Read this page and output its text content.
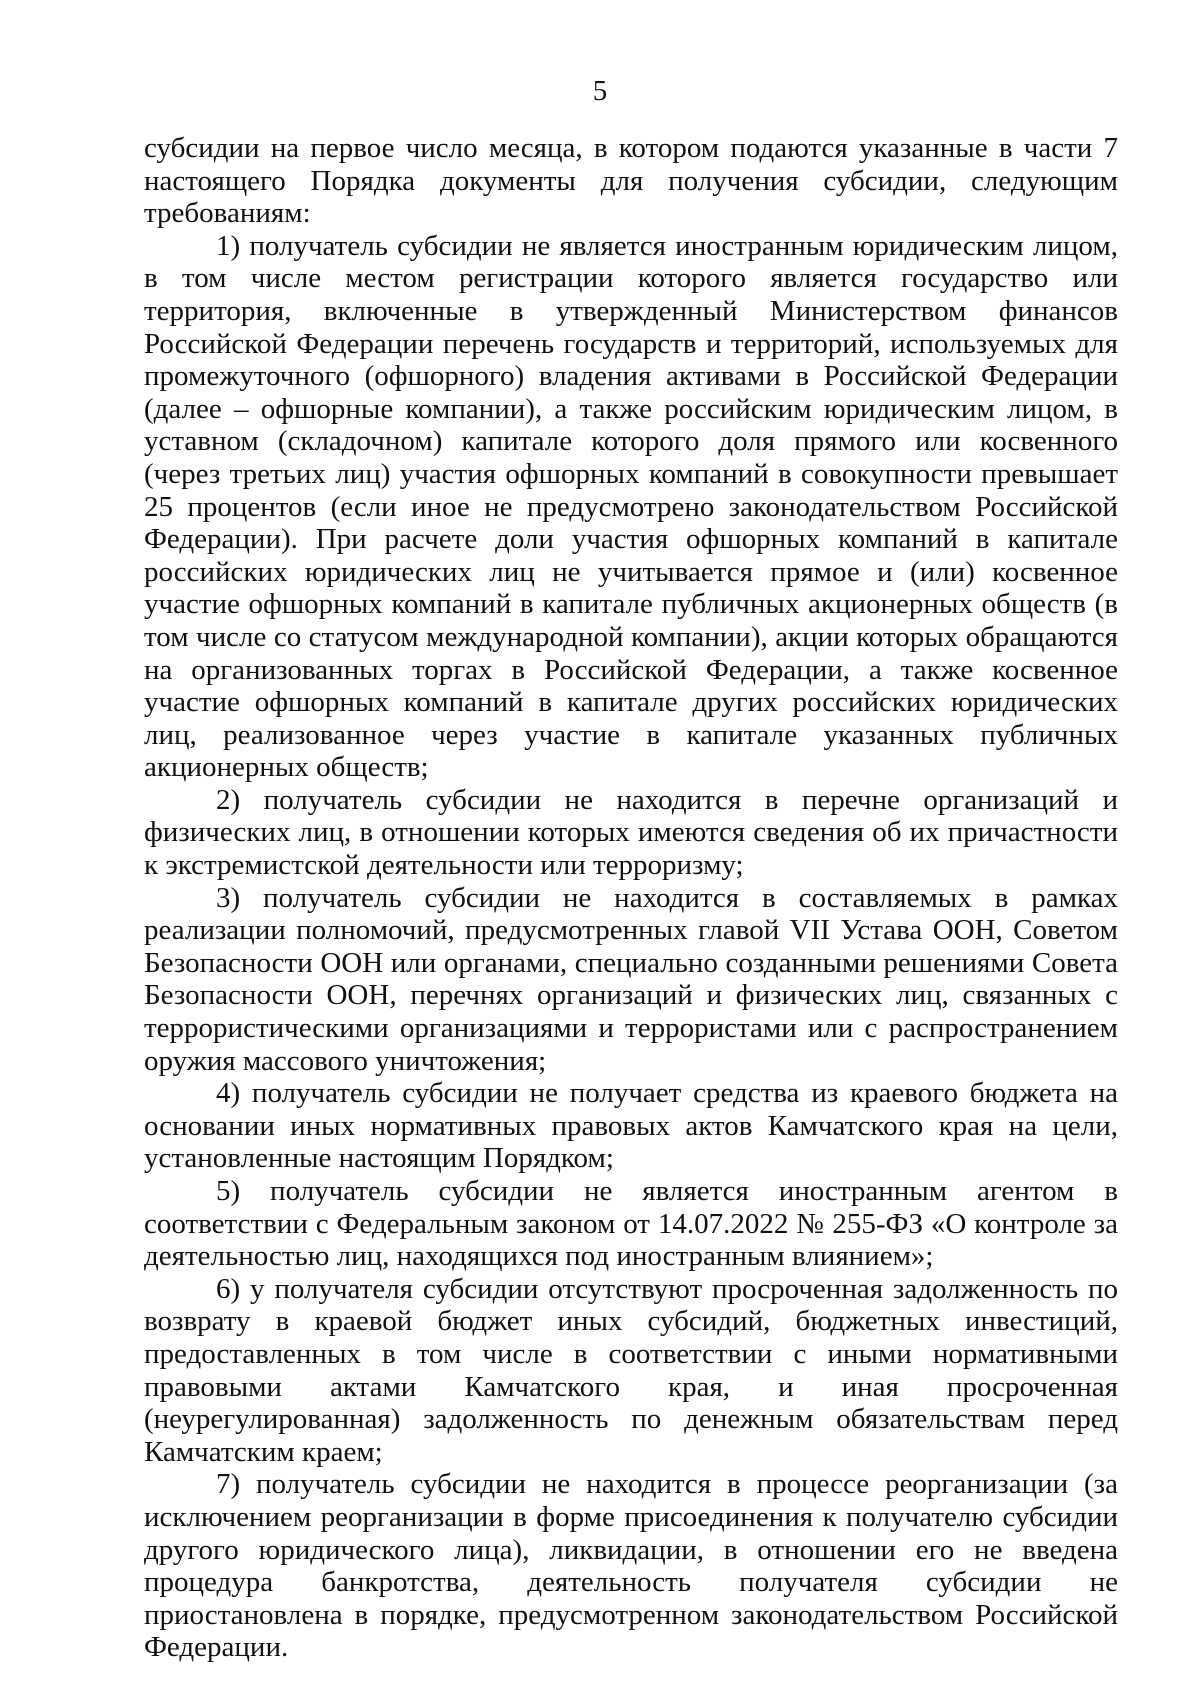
5

субсидии на первое число месяца, в котором подаются указанные в части 7 настоящего Порядка документы для получения субсидии, следующим требованиям:

1) получатель субсидии не является иностранным юридическим лицом, в том числе местом регистрации которого является государство или территория, включенные в утвержденный Министерством финансов Российской Федерации перечень государств и территорий, используемых для промежуточного (офшорного) владения активами в Российской Федерации (далее – офшорные компании), а также российским юридическим лицом, в уставном (складочном) капитале которого доля прямого или косвенного (через третьих лиц) участия офшорных компаний в совокупности превышает 25 процентов (если иное не предусмотрено законодательством Российской Федерации). При расчете доли участия офшорных компаний в капитале российских юридических лиц не учитывается прямое и (или) косвенное участие офшорных компаний в капитале публичных акционерных обществ (в том числе со статусом международной компании), акции которых обращаются на организованных торгах в Российской Федерации, а также косвенное участие офшорных компаний в капитале других российских юридических лиц, реализованное через участие в капитале указанных публичных акционерных обществ;

2) получатель субсидии не находится в перечне организаций и физических лиц, в отношении которых имеются сведения об их причастности к экстремистской деятельности или терроризму;

3) получатель субсидии не находится в составляемых в рамках реализации полномочий, предусмотренных главой VII Устава ООН, Советом Безопасности ООН или органами, специально созданными решениями Совета Безопасности ООН, перечнях организаций и физических лиц, связанных с террористическими организациями и террористами или с распространением оружия массового уничтожения;

4) получатель субсидии не получает средства из краевого бюджета на основании иных нормативных правовых актов Камчатского края на цели, установленные настоящим Порядком;

5) получатель субсидии не является иностранным агентом в соответствии с Федеральным законом от 14.07.2022 № 255-ФЗ «О контроле за деятельностью лиц, находящихся под иностранным влиянием»;

6) у получателя субсидии отсутствуют просроченная задолженность по возврату в краевой бюджет иных субсидий, бюджетных инвестиций, предоставленных в том числе в соответствии с иными нормативными правовыми актами Камчатского края, и иная просроченная (неурегулированная) задолженность по денежным обязательствам перед Камчатским краем;

7) получатель субсидии не находится в процессе реорганизации (за исключением реорганизации в форме присоединения к получателю субсидии другого юридического лица), ликвидации, в отношении его не введена процедура банкротства, деятельность получателя субсидии не приостановлена в порядке, предусмотренном законодательством Российской Федерации.
